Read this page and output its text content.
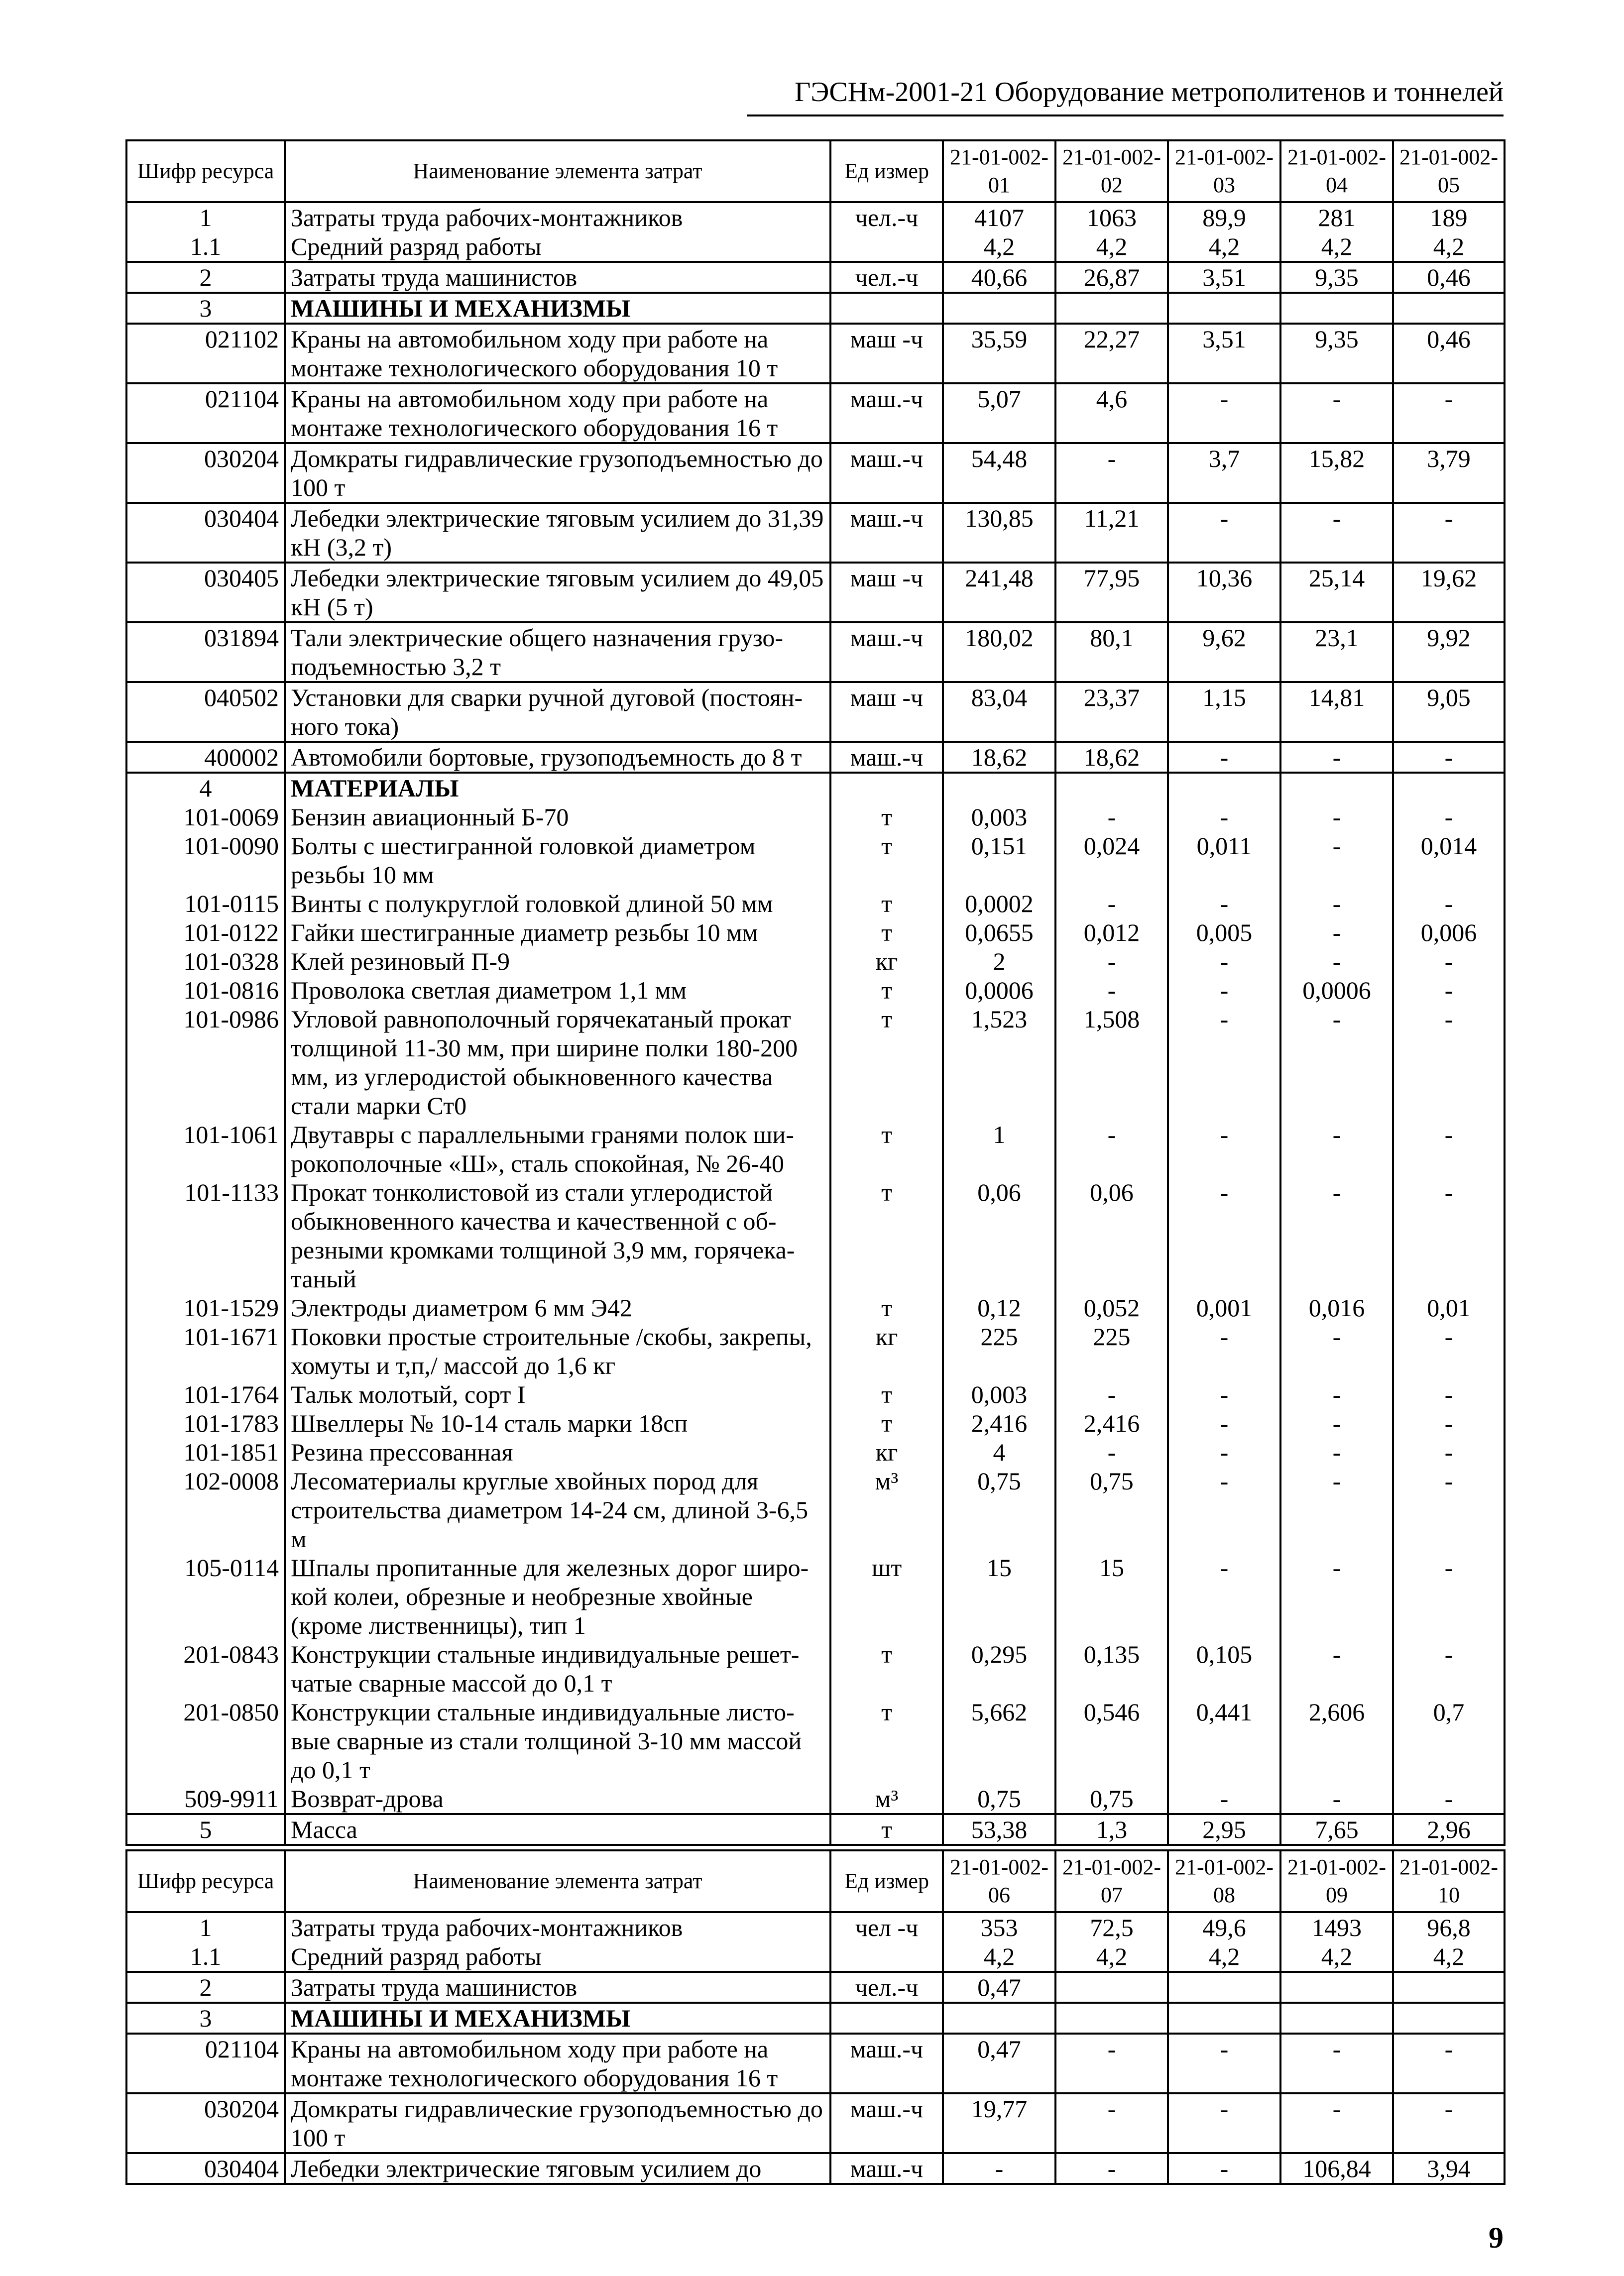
ГЭСНм-2001-21 Оборудование метрополитенов и тоннелей
Шифр ресурса	Наименование элемента затрат	Ед измер	21-01-002-01	21-01-002-02	21-01-002-03	21-01-002-04	21-01-002-05
1	Затраты труда рабочих-монтажников	чел.-ч	4107	1063	89,9	281	189
1.1	Средний разряд работы		4,2	4,2	4,2	4,2	4,2
2	Затраты труда машинистов	чел.-ч	40,66	26,87	3,51	9,35	0,46
3	МАШИНЫ И МЕХАНИЗМЫ						
021102	Краны на автомобильном ходу при работе на монтаже технологического оборудования 10 т	маш -ч	35,59	22,27	3,51	9,35	0,46
021104	Краны на автомобильном ходу при работе на монтаже технологического оборудования 16 т	маш.-ч	5,07	4,6	-	-	-
030204	Домкраты гидравлические грузоподъемностью до 100 т	маш.-ч	54,48	-	3,7	15,82	3,79
030404	Лебедки электрические тяговым усилием до 31,39 кН (3,2 т)	маш.-ч	130,85	11,21	-	-	-
030405	Лебедки электрические тяговым усилием до 49,05 кН (5 т)	маш -ч	241,48	77,95	10,36	25,14	19,62
031894	Тали электрические общего назначения грузо-подъемностью 3,2 т	маш.-ч	180,02	80,1	9,62	23,1	9,92
040502	Установки для сварки ручной дуговой (постоян-ного тока)	маш -ч	83,04	23,37	1,15	14,81	9,05
400002	Автомобили бортовые, грузоподъемность до 8 т	маш.-ч	18,62	18,62	-	-	-
4	МАТЕРИАЛЫ						
101-0069	Бензин авиационный Б-70	т	0,003	-	-	-	-
101-0090	Болты с шестигранной головкой диаметром резьбы 10 мм	т	0,151	0,024	0,011	-	0,014
101-0115	Винты с полукруглой головкой длиной 50 мм	т	0,0002	-	-	-	-
101-0122	Гайки шестигранные диаметр резьбы 10 мм	т	0,0655	0,012	0,005	-	0,006
101-0328	Клей резиновый П-9	кг	2	-	-	-	-
101-0816	Проволока светлая диаметром 1,1 мм	т	0,0006	-	-	0,0006	-
101-0986	Угловой равнополочный горячекатаный прокат толщиной 11-30 мм, при ширине полки 180-200 мм, из углеродистой обыкновенного качества стали марки Ст0	т	1,523	1,508	-	-	-
101-1061	Двутавры с параллельными гранями полок ши-рокополочные «Ш», сталь спокойная, № 26-40	т	1	-	-	-	-
101-1133	Прокат тонколистовой из стали углеродистой обыкновенного качества и качественной с об-резными кромками толщиной 3,9 мм, горячека-таный	т	0,06	0,06	-	-	-
101-1529	Электроды диаметром 6 мм Э42	т	0,12	0,052	0,001	0,016	0,01
101-1671	Поковки простые строительные /скобы, закрепы, хомуты и т,п,/ массой до 1,6 кг	кг	225	225	-	-	-
101-1764	Тальк молотый, сорт I	т	0,003	-	-	-	-
101-1783	Швеллеры № 10-14 сталь марки 18сп	т	2,416	2,416	-	-	-
101-1851	Резина прессованная	кг	4	-	-	-	-
102-0008	Лесоматериалы круглые хвойных пород для строительства диаметром 14-24 см, длиной 3-6,5 м	м³	0,75	0,75	-	-	-
105-0114	Шпалы пропитанные для железных дорог широ-кой колеи, обрезные и необрезные хвойные (кроме лиственницы), тип 1	шт	15	15	-	-	-
201-0843	Конструкции стальные индивидуальные решет-чатые сварные массой до 0,1 т	т	0,295	0,135	0,105	-	-
201-0850	Конструкции стальные индивидуальные листо-вые сварные из стали толщиной 3-10 мм массой до 0,1 т	т	5,662	0,546	0,441	2,606	0,7
509-9911	Возврат-дрова	м³	0,75	0,75	-	-	-
5	Масса	т	53,38	1,3	2,95	7,65	2,96
Шифр ресурса	Наименование элемента затрат	Ед измер	21-01-002-06	21-01-002-07	21-01-002-08	21-01-002-09	21-01-002-10
1	Затраты труда рабочих-монтажников	чел -ч	353	72,5	49,6	1493	96,8
1.1	Средний разряд работы		4,2	4,2	4,2	4,2	4,2
2	Затраты труда машинистов	чел.-ч	0,47				
3	МАШИНЫ И МЕХАНИЗМЫ						
021104	Краны на автомобильном ходу при работе на монтаже технологического оборудования 16 т	маш.-ч	0,47	-	-	-	-
030204	Домкраты гидравлические грузоподъемностью до 100 т	маш.-ч	19,77	-	-	-	-
030404	Лебедки электрические тяговым усилием до	маш.-ч	-	-	-	106,84	3,94
9
